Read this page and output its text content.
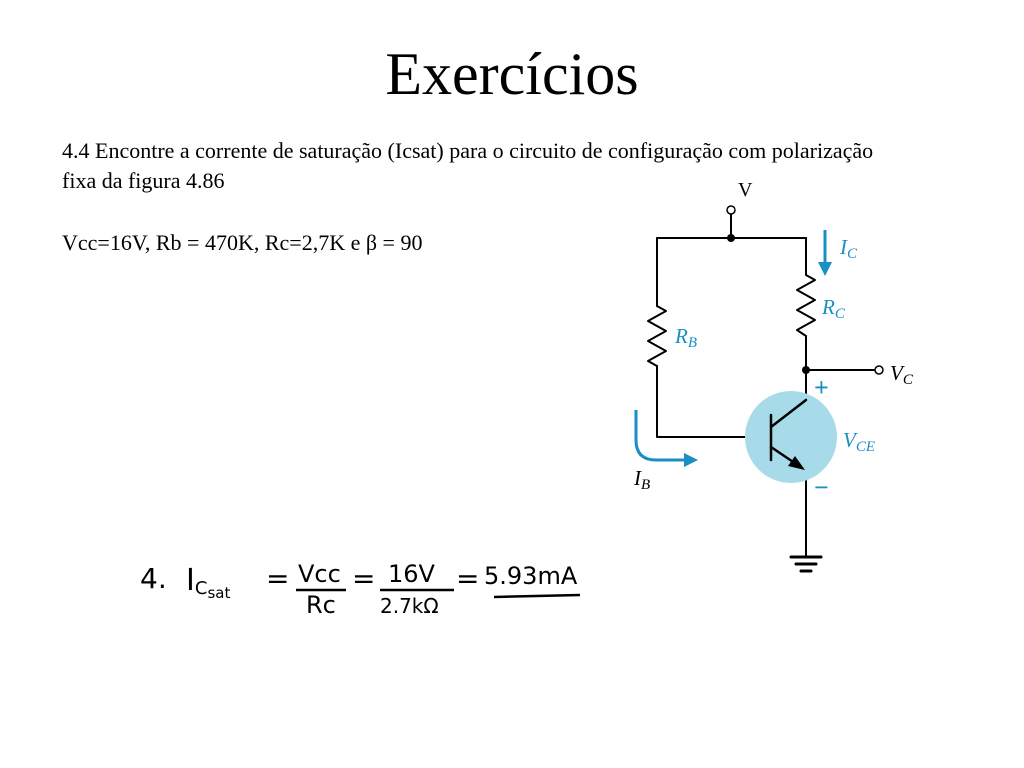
Exercícios
4.4 Encontre a corrente de saturação (Icsat) para o circuito de configuração com polarização fixa da figura 4.86
Vcc=16V, Rb = 470K, Rc=2,7K e β = 90
V
IC
RC
RB
VC
+
VCE
−
IB
4. ICsat = Vcc
Rc
= 16V
2.7kΩ
= 5.93mA
